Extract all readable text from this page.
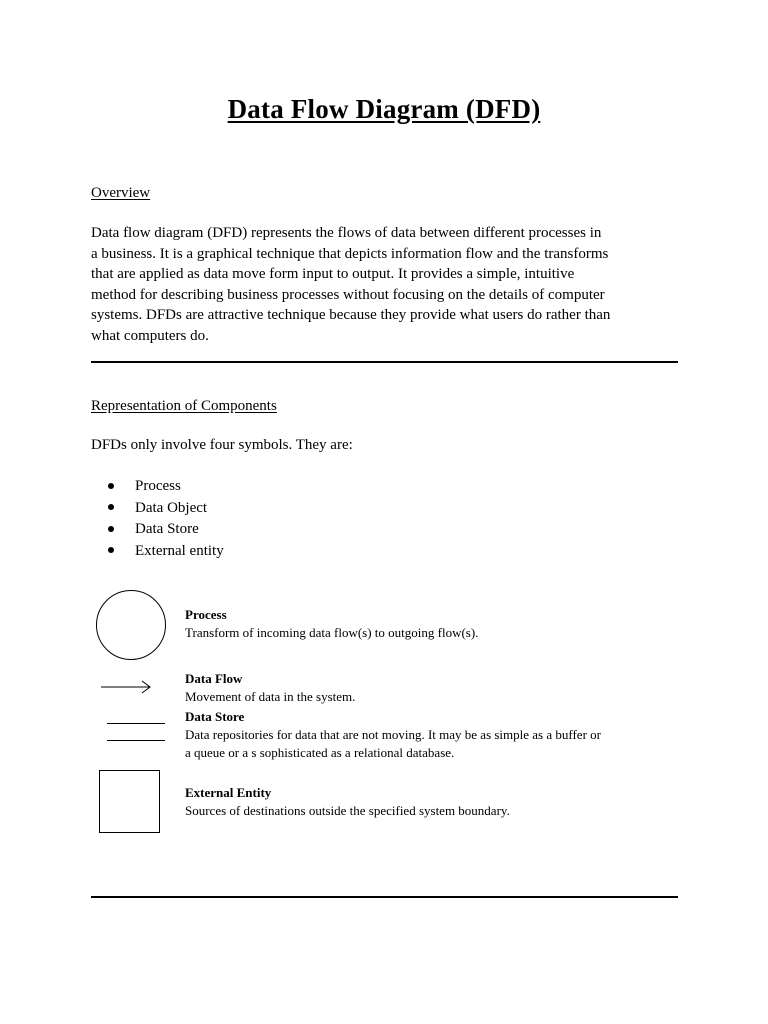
Data Flow Diagram (DFD)
Overview
Data flow diagram (DFD) represents the flows of data between different processes in
a business. It is a graphical technique that depicts information flow and the transforms
that are applied as data move form input to output. It provides a simple, intuitive
method for describing business processes without focusing on the details of computer
systems. DFDs are attractive technique because they provide what users do rather than
what computers do.
Representation of Components
DFDs only involve four symbols. They are:
Process
Data Object
Data Store
External entity
Process
Transform of incoming data flow(s) to outgoing flow(s).
Data Flow
Movement of data in the system.
Data Store
Data repositories for data that are not moving. It may be as simple as a buffer or
a queue or a s sophisticated as a relational database.
External Entity
Sources of destinations outside the specified system boundary.
